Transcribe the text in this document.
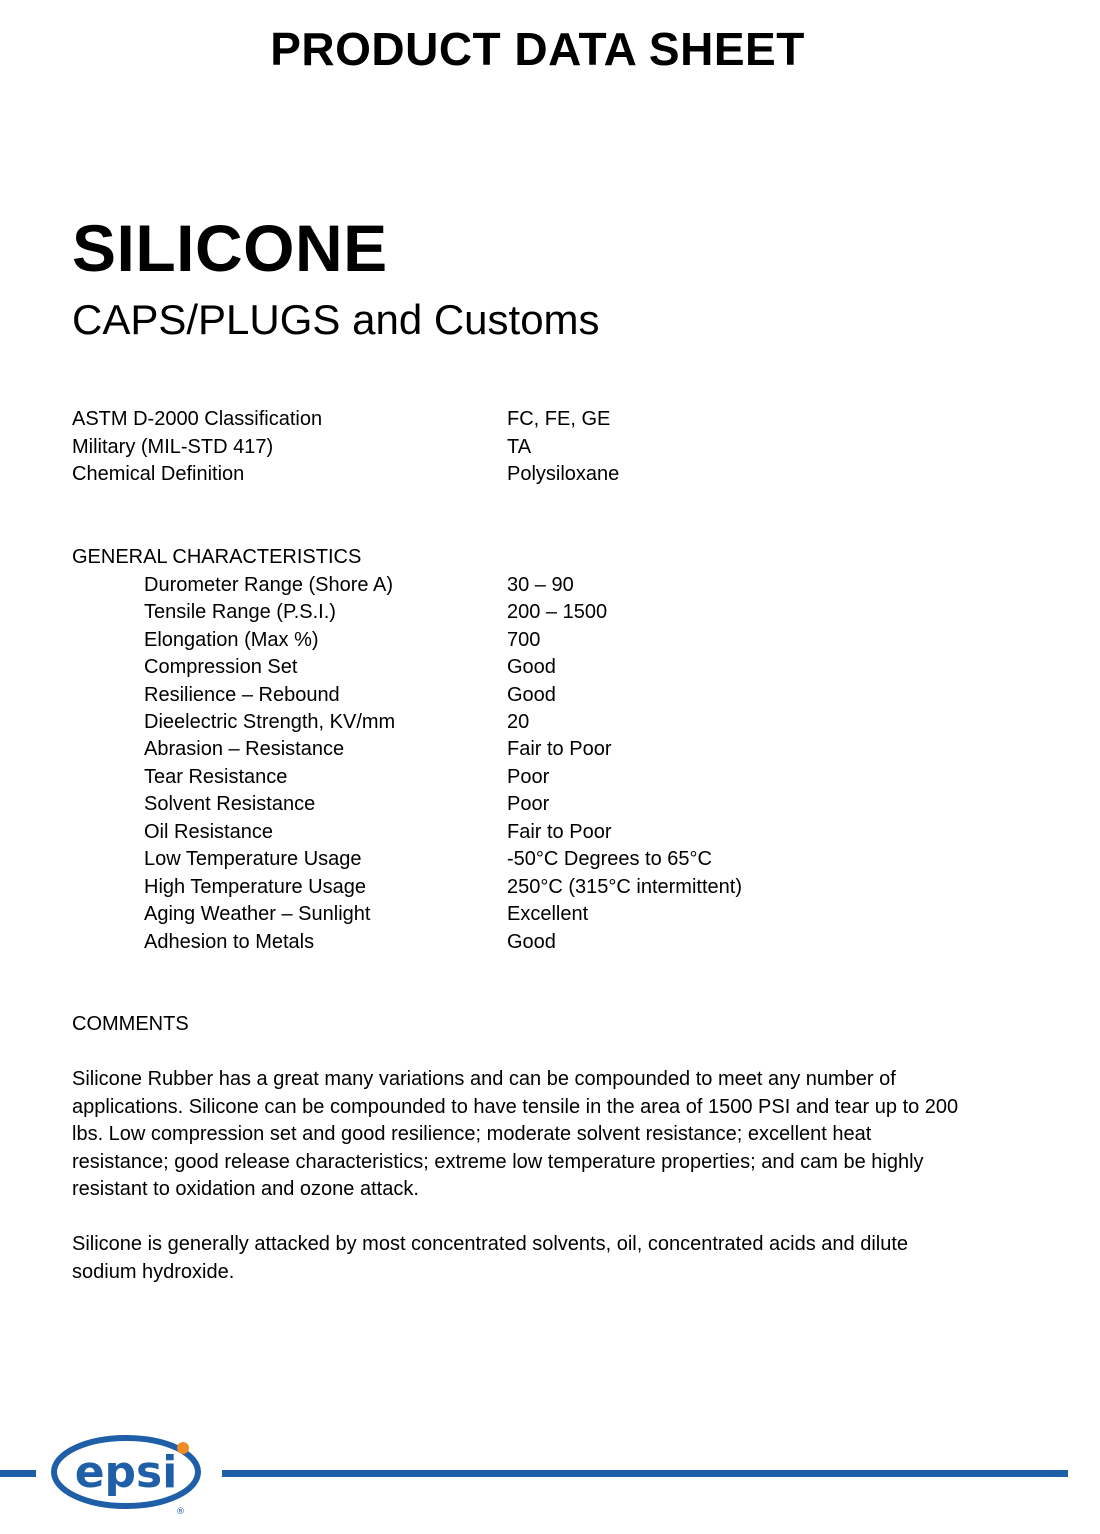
PRODUCT DATA SHEET
SILICONE
CAPS/PLUGS and Customs
ASTM D-2000 Classification	FC, FE, GE
Military (MIL-STD 417)	TA
Chemical Definition	Polysiloxane
GENERAL CHARACTERISTICS
Durometer Range (Shore A)	30 – 90
Tensile Range (P.S.I.)	200 – 1500
Elongation (Max %)	700
Compression Set	Good
Resilience – Rebound	Good
Dieelectric Strength, KV/mm	20
Abrasion – Resistance	Fair to Poor
Tear Resistance	Poor
Solvent Resistance	Poor
Oil Resistance	Fair to Poor
Low Temperature Usage	-50°C Degrees to 65°C
High Temperature Usage	250°C (315°C intermittent)
Aging Weather – Sunlight	Excellent
Adhesion to Metals	Good
COMMENTS

Silicone Rubber has a great many variations and can be compounded to meet any number of applications. Silicone can be compounded to have tensile in the area of 1500 PSI and tear up to 200 lbs. Low compression set and good resilience; moderate solvent resistance; excellent heat resistance; good release characteristics; extreme low temperature properties; and cam be highly resistant to oxidation and ozone attack.

Silicone is generally attacked by most concentrated solvents, oil, concentrated acids and dilute sodium hydroxide.

epsi
®
